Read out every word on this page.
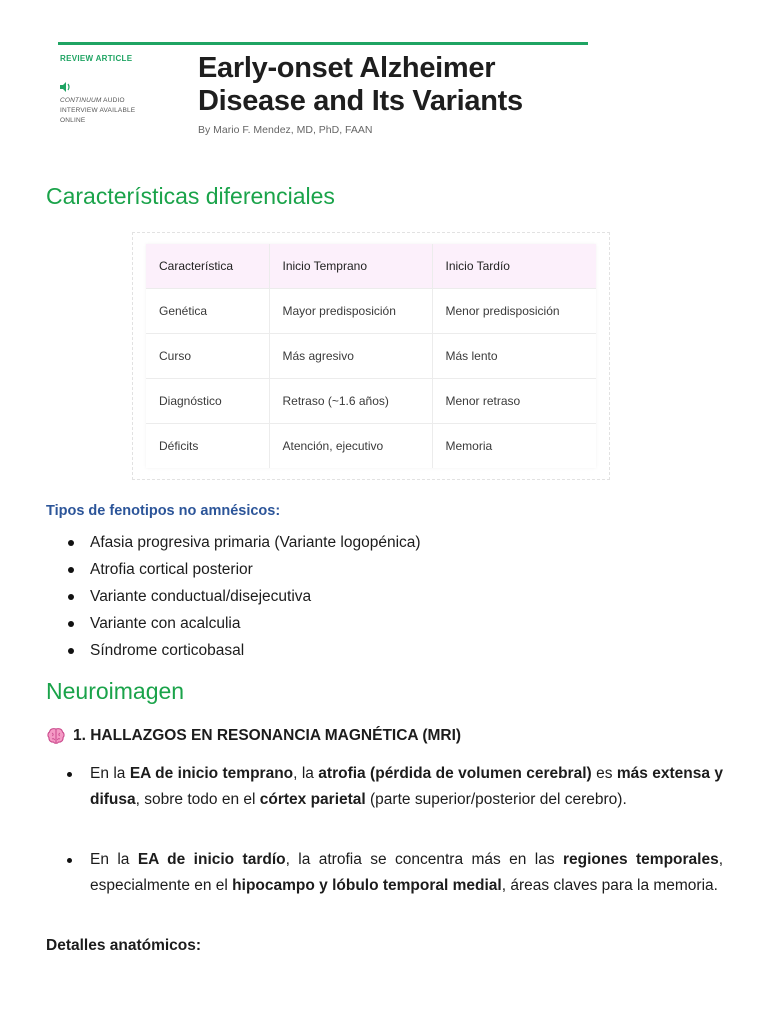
REVIEW ARTICLE
CONTINUUM AUDIO
INTERVIEW AVAILABLE
ONLINE
Early-onset Alzheimer
Disease and Its Variants
By Mario F. Mendez, MD, PhD, FAAN
Características diferenciales
Característica	Inicio Temprano	Inicio Tardío
Genética	Mayor predisposición	Menor predisposición
Curso	Más agresivo	Más lento
Diagnóstico	Retraso (~1.6 años)	Menor retraso
Déficits	Atención, ejecutivo	Memoria
Tipos de fenotipos no amnésicos:
Afasia progresiva primaria (Variante logopénica)
Atrofia cortical posterior
Variante conductual/disejecutiva
Variante con acalculia
Síndrome corticobasal
Neuroimagen
1. HALLAZGOS EN RESONANCIA MAGNÉTICA (MRI)
En la EA de inicio temprano, la atrofia (pérdida de volumen cerebral) es más extensa y difusa, sobre todo en el córtex parietal (parte superior/posterior del cerebro).
En la EA de inicio tardío, la atrofia se concentra más en las regiones temporales, especialmente en el hipocampo y lóbulo temporal medial, áreas claves para la memoria.
Detalles anatómicos:
